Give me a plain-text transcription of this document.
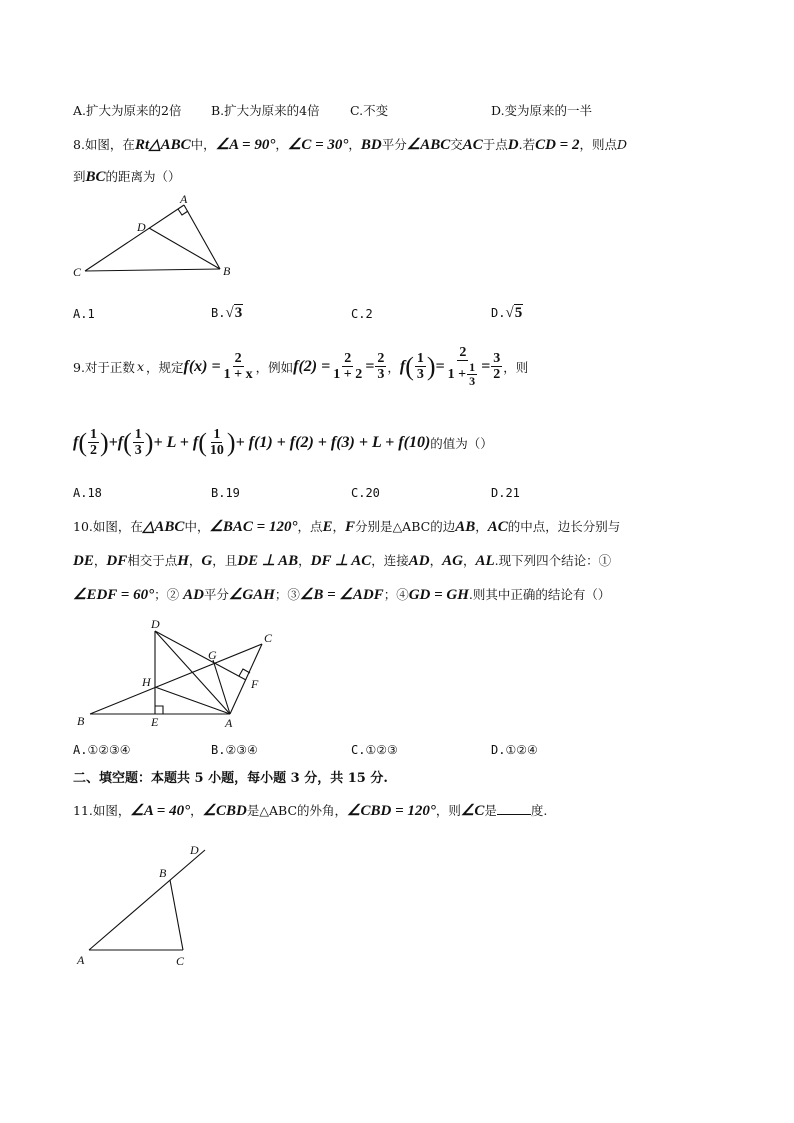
A.扩大为原来的2倍 B.扩大为原来的4倍 C.不变	D.变为原来的一半
8.如图，在Rt△ABC中，∠A = 90°，∠C = 30°，BD平分∠ABC交AC于点D.若CD = 2，则点D
到BC的距离为（）
A
B
C
D
A.1	B.√3	C.2	D.√5
9.对于正数 x ，规定 $f(x) = \frac{2}{1 + x}$ ，例如 $f(2) = \frac{2}{1 + 2} = \frac{2}{3}$ ， f ( $\frac{1}{3}$ ) = $\frac{2}{1 + \frac{1}{3}} = \frac{3}{2}$ ，则
f ( $\frac{1}{2}$ ) + f ( $\frac{1}{3}$ ) + L + f ( $\frac{1}{10}$ ) + f(1) + f(2) + f(3) + L + f(10) 的值为（）
A.18	B.19	C.20	D.21
10.如图，在△ABC中，∠BAC = 120°，点E，F分别是△ABC的边AB，AC的中点，边长分别与
DE，DF相交于点H，G，且DE ⊥ AB，DF ⊥ AC，连接AD，AG，AL.现下列四个结论：①
∠EDF = 60°；② AD平分∠GAH；③∠B = ∠ADF；④GD = GH.则其中正确的结论有（）
D
C
G
H	F
B	E	A
A.①②③④	B.②③④	C.①②③	D.①②④
二、填空题：本题共 5 小题，每小题 3 分，共 15 分.
11.如图，∠A = 40°，∠CBD是△ABC的外角，∠CBD = 120°，则∠C是	度.
D
B
A	C
